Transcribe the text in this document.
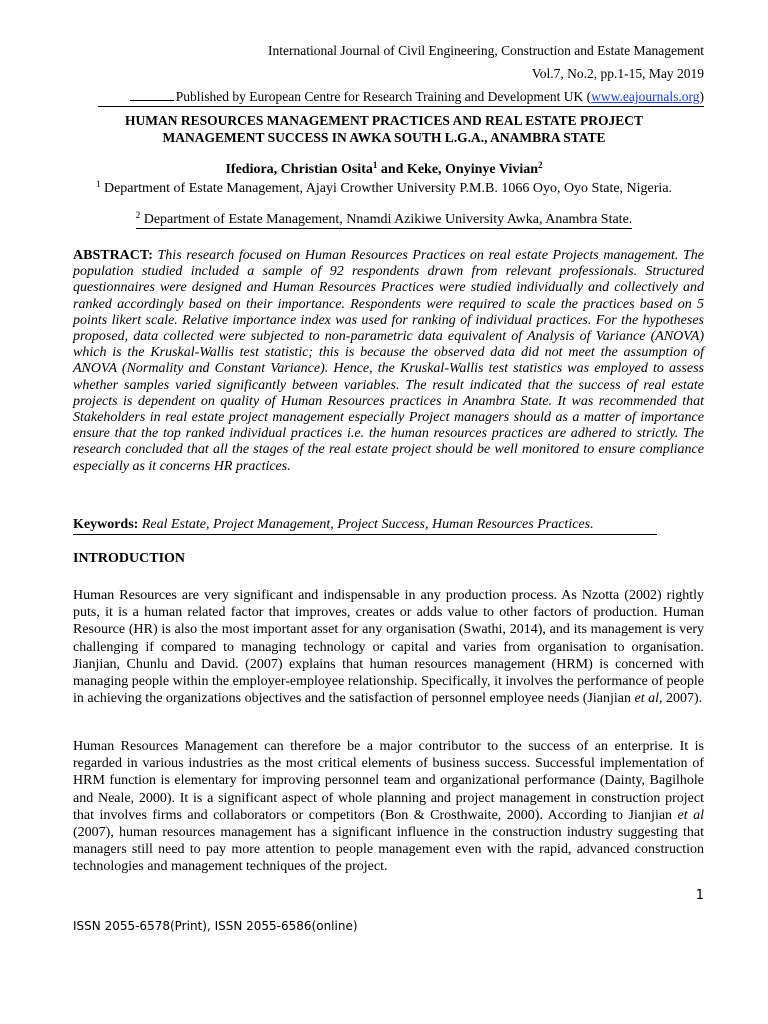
International Journal of Civil Engineering, Construction and Estate Management
Vol.7, No.2, pp.1-15, May 2019
Published by European Centre for Research Training and Development UK (www.eajournals.org)
HUMAN RESOURCES MANAGEMENT PRACTICES AND REAL ESTATE PROJECT
MANAGEMENT SUCCESS IN AWKA SOUTH L.G.A., ANAMBRA STATE
Ifediora, Christian Osita$^1$ and Keke, Onyinye Vivian$^2$
$^1$ Department of Estate Management, Ajayi Crowther University P.M.B. 1066 Oyo, Oyo State, Nigeria.
$^2$ Department of Estate Management, Nnamdi Azikiwe University Awka, Anambra State.
ABSTRACT: This research focused on Human Resources Practices on real estate Projects management. The population studied included a sample of 92 respondents drawn from relevant professionals. Structured questionnaires were designed and Human Resources Practices were studied individually and collectively and ranked accordingly based on their importance. Respondents were required to scale the practices based on 5 points likert scale. Relative importance index was used for ranking of individual practices. For the hypotheses proposed, data collected were subjected to non-parametric data equivalent of Analysis of Variance (ANOVA) which is the Kruskal-Wallis test statistic; this is because the observed data did not meet the assumption of ANOVA (Normality and Constant Variance). Hence, the Kruskal-Wallis test statistics was employed to assess whether samples varied significantly between variables. The result indicated that the success of real estate projects is dependent on quality of Human Resources practices in Anambra State. It was recommended that Stakeholders in real estate project management especially Project managers should as a matter of importance ensure that the top ranked individual practices i.e. the human resources practices are adhered to strictly. The research concluded that all the stages of the real estate project should be well monitored to ensure compliance especially as it concerns HR practices.
Keywords: Real Estate, Project Management, Project Success, Human Resources Practices.
INTRODUCTION
Human Resources are very significant and indispensable in any production process. As Nzotta (2002) rightly puts, it is a human related factor that improves, creates or adds value to other factors of production. Human Resource (HR) is also the most important asset for any organisation (Swathi, 2014), and its management is very challenging if compared to managing technology or capital and varies from organisation to organisation. Jianjian, Chunlu and David. (2007) explains that human resources management (HRM) is concerned with managing people within the employer-employee relationship. Specifically, it involves the performance of people in achieving the organizations objectives and the satisfaction of personnel employee needs (Jianjian et al, 2007).
Human Resources Management can therefore be a major contributor to the success of an enterprise. It is regarded in various industries as the most critical elements of business success. Successful implementation of HRM function is elementary for improving personnel team and organizational performance (Dainty, Bagilhole and Neale, 2000). It is a significant aspect of whole planning and project management in construction project that involves firms and collaborators or competitors (Bon & Crosthwaite, 2000). According to Jianjian et al (2007), human resources management has a significant influence in the construction industry suggesting that managers still need to pay more attention to people management even with the rapid, advanced construction technologies and management techniques of the project.
1
ISSN 2055-6578(Print), ISSN 2055-6586(online)
